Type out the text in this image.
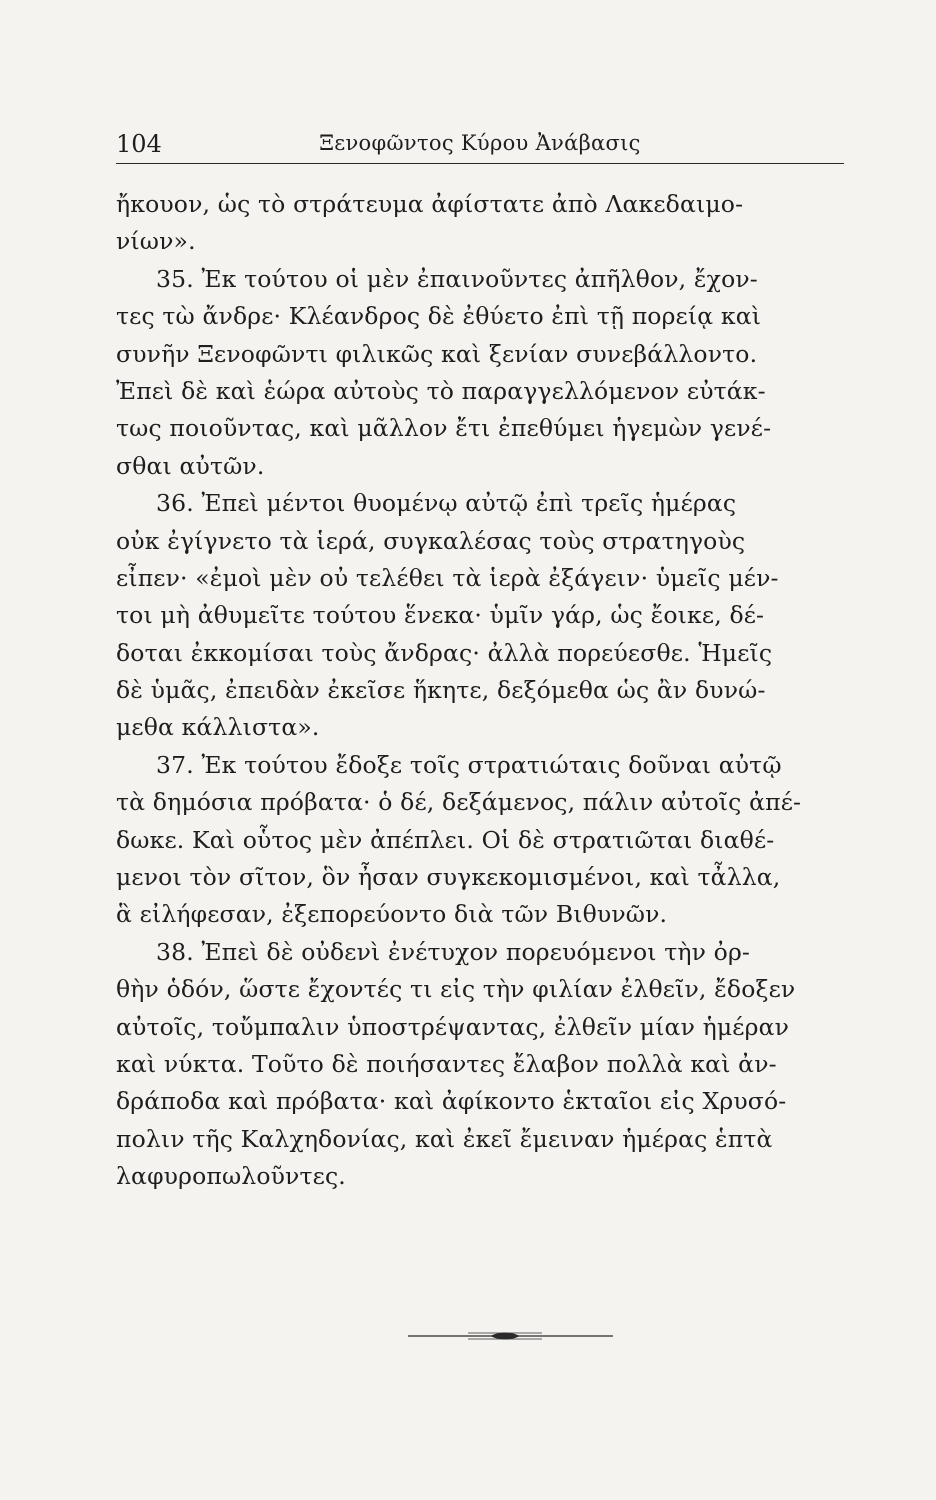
104	Ξενοφῶντος Κύρου Ἀνάβασις
ἤκουον, ὡς τὸ στράτευμα ἀφίστατε ἀπὸ Λακεδαιμο-
νίων».
35. Ἐκ τούτου οἱ μὲν ἐπαινοῦντες ἀπῆλθον, ἔχον-
τες τὼ ἄνδρε· Κλέανδρος δὲ ἐθύετο ἐπὶ τῇ πορείᾳ καὶ
συνῆν Ξενοφῶντι φιλικῶς καὶ ξενίαν συνεβάλλοντο.
Ἐπεὶ δὲ καὶ ἑώρα αὐτοὺς τὸ παραγγελλόμενον εὐτάκ-
τως ποιοῦντας, καὶ μᾶλλον ἔτι ἐπεθύμει ἡγεμὼν γενέ-
σθαι αὐτῶν.
36. Ἐπεὶ μέντοι θυομένῳ αὐτῷ ἐπὶ τρεῖς ἡμέρας
οὐκ ἐγίγνετο τὰ ἱερά, συγκαλέσας τοὺς στρατηγοὺς
εἶπεν· «ἐμοὶ μὲν οὐ τελέθει τὰ ἱερὰ ἐξάγειν· ὑμεῖς μέν-
τοι μὴ ἀθυμεῖτε τούτου ἕνεκα· ὑμῖν γάρ, ὡς ἔοικε, δέ-
δοται ἐκκομίσαι τοὺς ἄνδρας· ἀλλὰ πορεύεσθε. Ἡμεῖς
δὲ ὑμᾶς, ἐπειδὰν ἐκεῖσε ἥκητε, δεξόμεθα ὡς ἂν δυνώ-
μεθα κάλλιστα».
37. Ἐκ τούτου ἔδοξε τοῖς στρατιώταις δοῦναι αὐτῷ
τὰ δημόσια πρόβατα· ὁ δέ, δεξάμενος, πάλιν αὐτοῖς ἀπέ-
δωκε. Καὶ οὗτος μὲν ἀπέπλει. Οἱ δὲ στρατιῶται διαθέ-
μενοι τὸν σῖτον, ὃν ἦσαν συγκεκομισμένοι, καὶ τἆλλα,
ἃ εἰλήφεσαν, ἐξεπορεύοντο διὰ τῶν Βιθυνῶν.
38. Ἐπεὶ δὲ οὐδενὶ ἐνέτυχον πορευόμενοι τὴν ὀρ-
θὴν ὁδόν, ὥστε ἔχοντές τι εἰς τὴν φιλίαν ἐλθεῖν, ἔδοξεν
αὐτοῖς, τοὔμπαλιν ὑποστρέψαντας, ἐλθεῖν μίαν ἡμέραν
καὶ νύκτα. Τοῦτο δὲ ποιήσαντες ἔλαβον πολλὰ καὶ ἀν-
δράποδα καὶ πρόβατα· καὶ ἀφίκοντο ἑκταῖοι εἰς Χρυσό-
πολιν τῆς Καλχηδονίας, καὶ ἐκεῖ ἔμειναν ἡμέρας ἑπτὰ
λαφυροπωλοῦντες.
